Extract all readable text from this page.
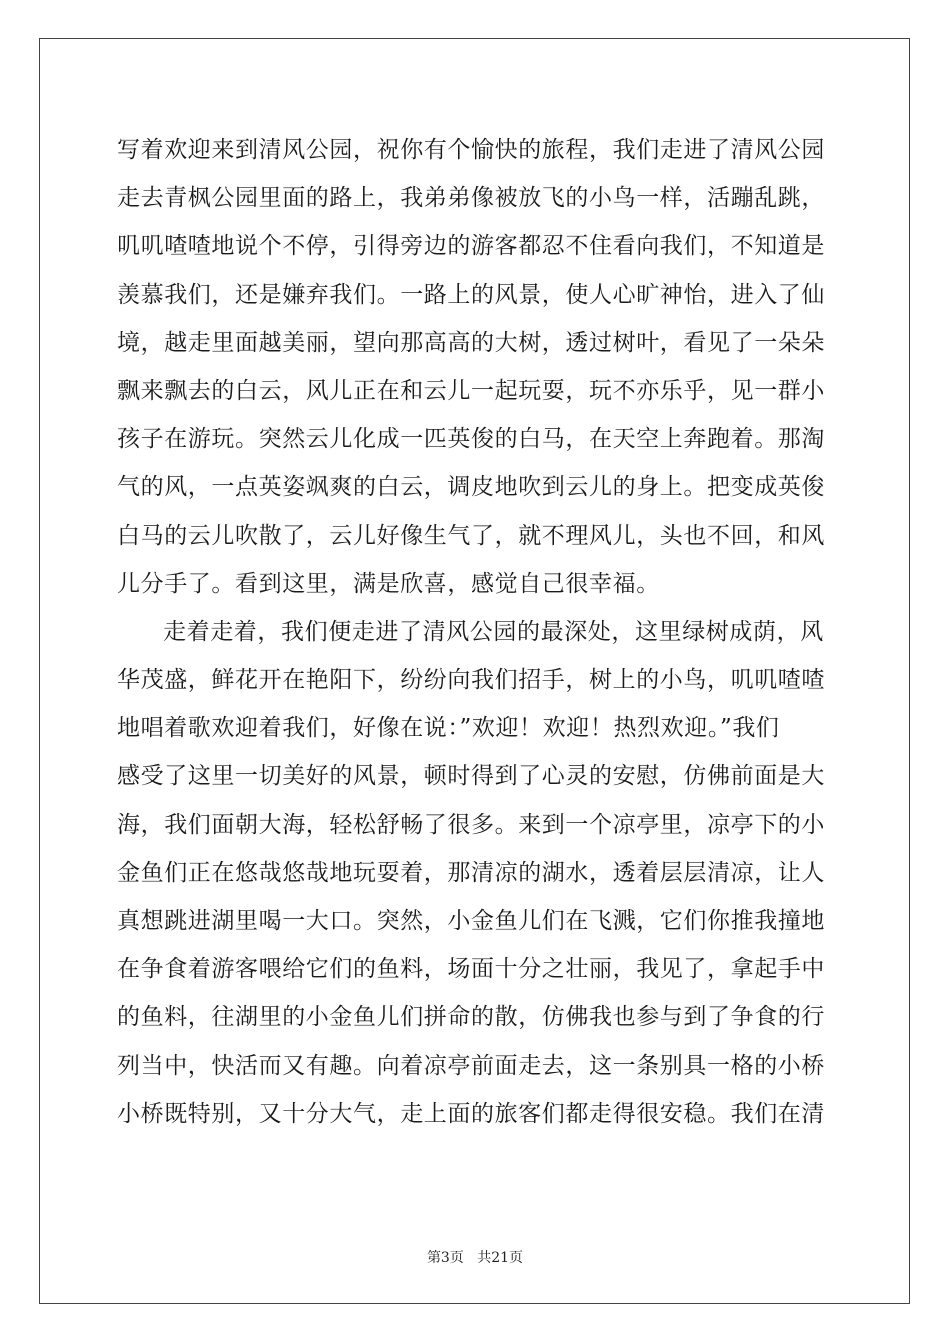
写着欢迎来到清风公园，祝你有个愉快的旅程，我们走进了清风公园
走去青枫公园里面的路上，我弟弟像被放飞的小鸟一样，活蹦乱跳，
叽叽喳喳地说个不停，引得旁边的游客都忍不住看向我们，不知道是
羡慕我们，还是嫌弃我们。一路上的风景，使人心旷神怡，进入了仙
境，越走里面越美丽，望向那高高的大树，透过树叶，看见了一朵朵
飘来飘去的白云，风儿正在和云儿一起玩耍，玩不亦乐乎，见一群小
孩子在游玩。突然云儿化成一匹英俊的白马，在天空上奔跑着。那淘
气的风，一点英姿飒爽的白云，调皮地吹到云儿的身上。把变成英俊
白马的云儿吹散了，云儿好像生气了，就不理风儿，头也不回，和风
儿分手了。看到这里，满是欣喜，感觉自己很幸福。
走着走着，我们便走进了清风公园的最深处，这里绿树成荫，风
华茂盛，鲜花开在艳阳下，纷纷向我们招手，树上的小鸟，叽叽喳喳
地唱着歌欢迎着我们，好像在说：”欢迎！欢迎！热烈欢迎。”我们
感受了这里一切美好的风景，顿时得到了心灵的安慰，仿佛前面是大
海，我们面朝大海，轻松舒畅了很多。来到一个凉亭里，凉亭下的小
金鱼们正在悠哉悠哉地玩耍着，那清凉的湖水，透着层层清凉，让人
真想跳进湖里喝一大口。突然，小金鱼儿们在飞溅，它们你推我撞地
在争食着游客喂给它们的鱼料，场面十分之壮丽，我见了，拿起手中
的鱼料，往湖里的小金鱼儿们拼命的散，仿佛我也参与到了争食的行
列当中，快活而又有趣。向着凉亭前面走去，这一条别具一格的小桥
小桥既特别，又十分大气，走上面的旅客们都走得很安稳。我们在清
第3页 共21页
